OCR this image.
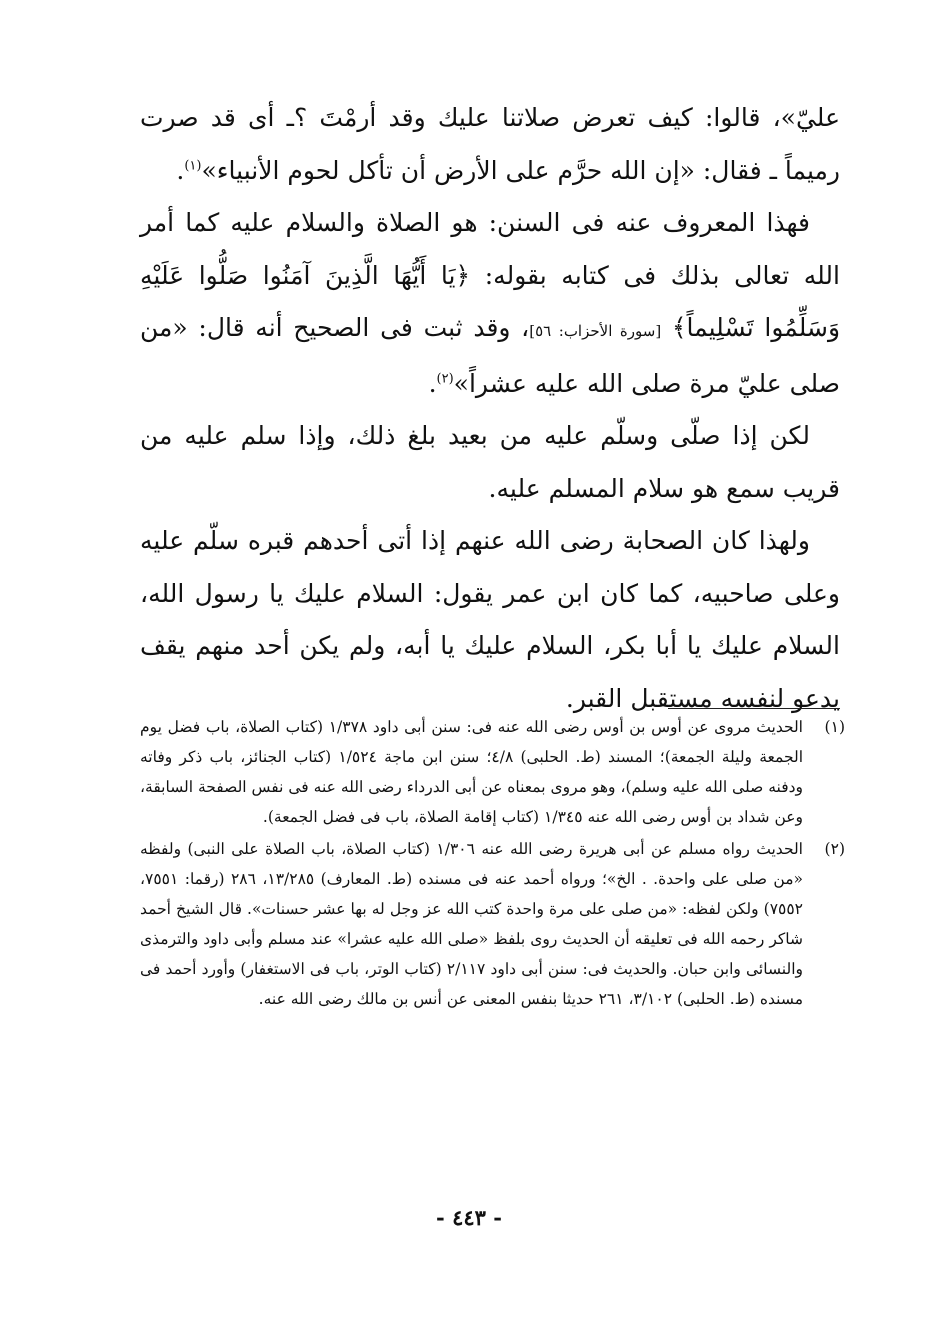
عليّ»، قالوا: كيف تعرض صلاتنا عليك وقد أرمْتَ ؟ـ أى قد صرت رميماً ـ فقال: «إن الله حرَّم على الأرض أن تأكل لحوم الأنبياء»$^{(١)}$.

فهذا المعروف عنه فى السنن: هو الصلاة والسلام عليه كما أمر الله تعالى بذلك فى كتابه بقوله: ﴿يَا أَيُّهَا الَّذِينَ آمَنُوا صَلُّوا عَلَيْهِ وَسَلِّمُوا تَسْلِيماً﴾ [سورة الأحزاب: ٥٦]، وقد ثبت فى الصحيح أنه قال: «من صلى عليّ مرة صلى الله عليه عشراً»$^{(٢)}$.

لكن إذا صلّى وسلّم عليه من بعيد بلغ ذلك، وإذا سلم عليه من قريب سمع هو سلام المسلم عليه.

ولهذا كان الصحابة رضى الله عنهم إذا أتى أحدهم قبره سلّم عليه وعلى صاحبيه، كما كان ابن عمر يقول: السلام عليك يا رسول الله، السلام عليك يا أبا بكر، السلام عليك يا أبه، ولم يكن أحد منهم يقف يدعو لنفسه مستقبل القبر.

(١)
الحديث مروى عن أوس بن أوس رضى الله عنه فى: سنن أبى داود ١/٣٧٨ (كتاب الصلاة، باب فضل يوم الجمعة وليلة الجمعة)؛ المسند (ط. الحلبى) ٤/٨؛ سنن ابن ماجة ١/٥٢٤ (كتاب الجنائز، باب ذكر وفاته ودفنه صلى الله عليه وسلم)، وهو مروى بمعناه عن أبى الدرداء رضى الله عنه فى نفس الصفحة السابقة، وعن شداد بن أوس رضى الله عنه ١/٣٤٥ (كتاب إقامة الصلاة، باب فى فضل الجمعة).

(٢)
الحديث رواه مسلم عن أبى هريرة رضى الله عنه ١/٣٠٦ (كتاب الصلاة، باب الصلاة على النبى) ولفظه «من صلى على واحدة. . الخ»؛ ورواه أحمد عنه فى مسنده (ط. المعارف) ١٣/٢٨٥، ٢٨٦ (رقما: ٧٥٥١، ٧٥٥٢) ولكن لفظه: «من صلى على مرة واحدة كتب الله عز وجل له بها عشر حسنات». قال الشيخ أحمد شاكر رحمه الله فى تعليقه أن الحديث روى بلفظ «صلى الله عليه عشرا» عند مسلم وأبى داود والترمذى والنسائى وابن حبان. والحديث فى: سنن أبى داود ٢/١١٧ (كتاب الوتر، باب فى الاستغفار) وأورد أحمد فى مسنده (ط. الحلبى) ٣/١٠٢، ٢٦١ حديثا بنفس المعنى عن أنس بن مالك رضى الله عنه.

- ٤٤٣ -
